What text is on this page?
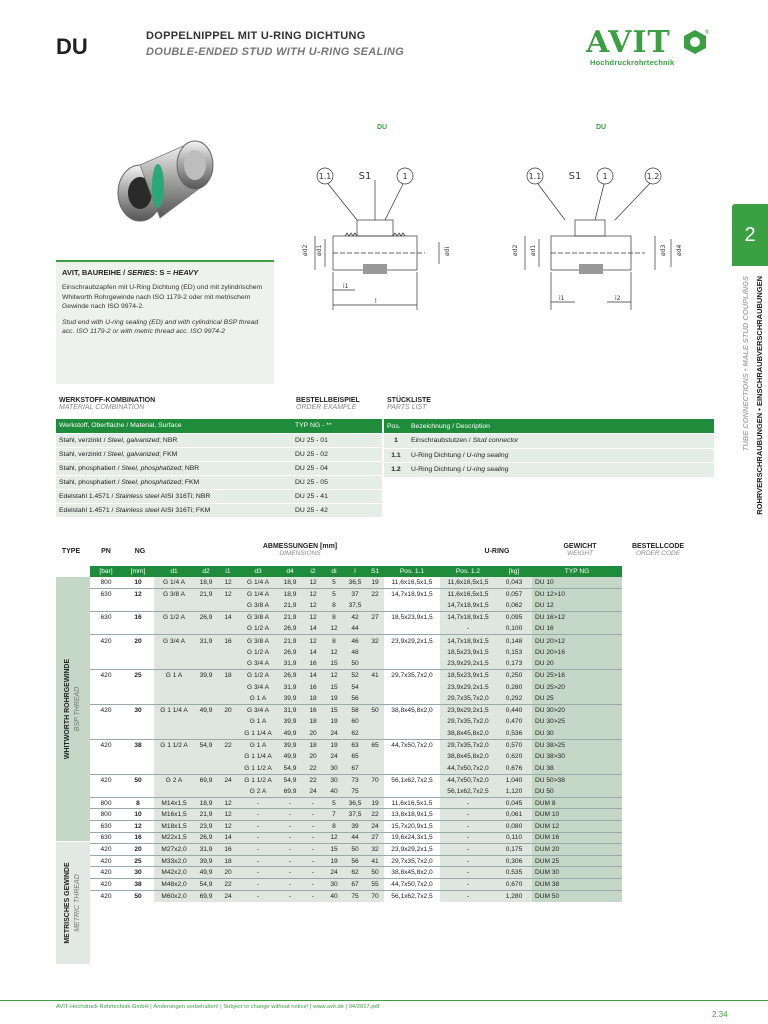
DU	DOPPELNIPPEL MIT U-RING DICHTUNG
DOUBLE-ENDED STUD WITH U-RING SEALING	AVIT	®
Hochdruckrohrtechnik
DU	DU
1.1	S1	1
ød2 ød1	ødi
i1
l
1.1	S1	1	1.2
ød2 ød1	ød3 ød4
i1	i2
2
ROHRVERSCHRAUBUNGEN • EINSCHRAUBVERSCHRAUBUNGEN
TUBE CONNECTIONS • MALE STUD COUPLINGS
AVIT, BAUREIHE / SERIES: S = HEAVY
Einschraubzapfen mit U-Ring Dichtung (ED) und mit zylindrischem Whitworth Rohrgewinde nach ISO 1179-2 oder mit metrischem Gewinde nach ISO 9974-2.
Stud end with U-ring sealing (ED) and with cylindrical BSP thread acc. ISO 1179-2 or with metric thread acc. ISO 9974-2
WERKSTOFF-KOMBINATION
MATERIAL COMBINATION
BESTELLBEISPIEL
ORDER EXAMPLE
STÜCKLISTE
PARTS LIST
Werkstoff, Oberfläche / Material, Surface	TYP NG - **
Stahl, verzinkt / Steel, galvanized; NBR	DU 25 - 01
Stahl, verzinkt / Steel, galvanized; FKM	DU 25 - 02
Stahl, phosphatiert / Steel, phosphatized; NBR	DU 25 - 04
Stahl, phosphatiert / Steel, phosphatized; FKM	DU 25 - 05
Edelstahl 1.4571 / Stainless steel AISI 316Ti; NBR	DU 25 - 41
Edelstahl 1.4571 / Stainless steel AISI 316Ti; FKM	DU 25 - 42
Pos.	Bezeichnung / Description
1	Einschraubstutzen / Stud connector
1.1	U-Ring Dichtung / U-ring sealing
1.2	U-Ring Dichtung / U-ring sealing
TYPE	PN	NG
ABMESSUNGEN [mm]
DIMENSIONS	U-RING
GEWICHT
WEIGHT
BESTELLCODE
ORDER CODE
WHITWORTH ROHRGEWINDE BSP THREAD
METRISCHES GEWINDE METRIC THREAD
[bar]	[mm]	d1	d2	i1	d3	d4	i2	di	l	S1	Pos. 1.1	Pos. 1.2	[kg]	TYP NG
800	10	G 1/4 A	18,9	12	G 1/4 A	18,9	12	5	36,5	19	11,6x16,5x1,5	11,6x16,5x1,5	0,043	DU 10
630	12	G 3/8 A	21,9	12	G 1/4 A	18,9	12	5	37	22	14,7x18,9x1,5	11,6x16,5x1,5	0,057	DU 12>10
					G 3/8 A	21,9	12	8	37,5			14,7x18,9x1,5	0,062	DU 12
630	16	G 1/2 A	26,9	14	G 3/8 A	21,9	12	8	42	27	18,5x23,9x1,5	14,7x18,9x1,5	0,095	DU 16>12
					G 1/2 A	26,9	14	12	44			-	0,100	DU 16
420	20	G 3/4 A	31,9	16	G 3/8 A	21,9	12	8	46	32	23,9x29,2x1,5	14,7x18,9x1,5	0,148	DU 20>12
					G 1/2 A	26,9	14	12	48			18,5x23,9x1,5	0,153	DU 20>16
					G 3/4 A	31,9	16	15	50			23,9x29,2x1,5	0,173	DU 20
420	25	G 1 A	39,9	18	G 1/2 A	26,9	14	12	52	41	29,7x35,7x2,0	18,5x23,9x1,5	0,250	DU 25>16
					G 3/4 A	31,9	16	15	54			23,9x29,2x1,5	0,280	DU 25>20
					G 1 A	39,9	18	19	56			29,7x35,7x2,0	0,292	DU 25
420	30	G 1 1/4 A	49,9	20	G 3/4 A	31,9	16	15	58	50	38,8x45,8x2,0	23,9x29,2x1,5	0,440	DU 30>20
					G 1 A	39,9	18	19	60			29,7x35,7x2,0	0,470	DU 30>25
					G 1 1/4 A	49,9	20	24	62			38,8x45,8x2,0	0,536	DU 30
420	38	G 1 1/2 A	54,9	22	G 1 A	39,9	18	19	63	65	44,7x50,7x2,0	29,7x35,7x2,0	0,570	DU 38>25
					G 1 1/4 A	49,9	20	24	65			38,8x45,8x2,0	0,620	DU 38>30
					G 1 1/2 A	54,9	22	30	67			44,7x50,7x2,0	0,676	DU 38
420	50	G 2 A	69,9	24	G 1 1/2 A	54,9	22	30	73	70	56,1x62,7x2,5	44,7x50,7x2,0	1,040	DU 50>38
					G 2 A	69,9	24	40	75			56,1x62,7x2,5	1,120	DU 50
800	8	M14x1,5	18,9	12	-	-	-	5	36,5	19	11,6x16,5x1,5	-	0,045	DUM 8
800	10	M16x1,5	21,9	12	-	-	-	7	37,5	22	13,8x18,9x1,5	-	0,061	DUM 10
630	12	M18x1,5	23,9	12	-	-	-	8	39	24	15,7x20,9x1,5	-	0,080	DUM 12
630	16	M22x1,5	26,9	14	-	-	-	12	44	27	19,6x24,3x1,5	-	0,110	DUM 16
420	20	M27x2,0	31,9	16	-	-	-	15	50	32	23,9x29,2x1,5	-	0,175	DUM 20
420	25	M33x2,0	39,9	18	-	-	-	19	56	41	29,7x35,7x2,0	-	0,306	DUM 25
420	30	M42x2,0	49,9	20	-	-	-	24	62	50	38,8x45,8x2,0	-	0,535	DUM 30
420	38	M48x2,0	54,9	22	-	-	-	30	67	55	44,7x50,7x2,0	-	0,670	DUM 38
420	50	M60x2,0	69,9	24	-	-	-	40	75	70	56,1x62,7x2,5	-	1,280	DUM 50
AVIT-Hochdruck Rohrtechnik GmbH | Änderungen vorbehalten! | Subject to change without notice! | www.avit.de | 04/2017.pdf
2.34
